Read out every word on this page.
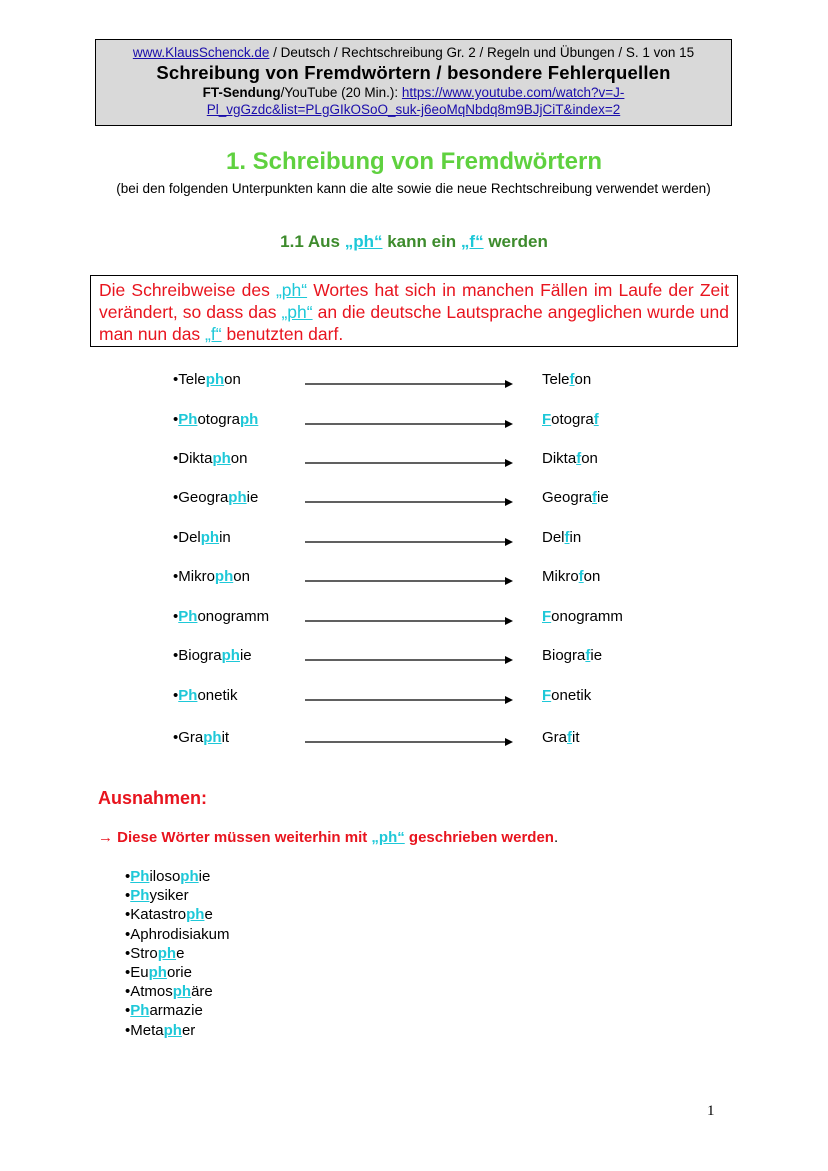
www.KlausSchenck.de / Deutsch / Rechtschreibung Gr. 2 / Regeln und Übungen / S. 1 von 15
Schreibung von Fremdwörtern / besondere Fehlerquellen
FT-Sendung/YouTube (20 Min.): https://www.youtube.com/watch?v=J-
Pl_vgGzdc&list=PLgGIkOSoO_suk-j6eoMqNbdq8m9BJjCiT&index=2
1. Schreibung von Fremdwörtern
(bei den folgenden Unterpunkten kann die alte sowie die neue Rechtschreibung verwendet werden)
1.1 Aus „ph“ kann ein „f“ werden
Die Schreibweise des „ph“ Wortes hat sich in manchen Fällen im Laufe der Zeit verändert, so dass das „ph“ an die deutsche Lautsprache angeglichen wurde und man nun das „f“ benutzten darf.
•Telephon	Telefon
•Photograph	Fotograf
•Diktaphon	Diktafon
•Geographie	Geografie
•Delphin	Delfin
•Mikrophon	Mikrofon
•Phonogramm	Fonogramm
•Biographie	Biografie
•Phonetik	Fonetik
•Graphit	Grafit
Ausnahmen:
→ Diese Wörter müssen weiterhin mit „ph“ geschrieben werden.
•Philosophie
•Physiker
•Katastrophe
•Aphrodisiakum
•Strophe
•Euphorie
•Atmosphäre
•Pharmazie
•Metapher
1
